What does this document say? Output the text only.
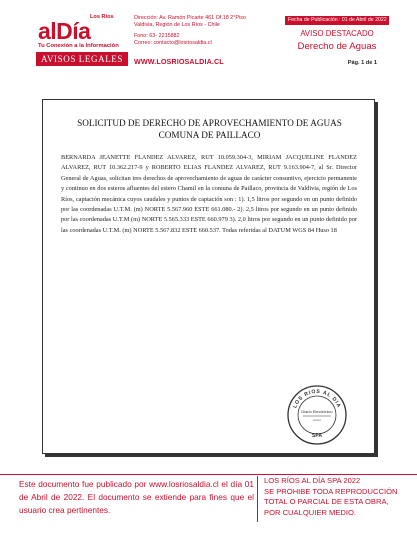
Los Ríos
alDía
Tu Conexión a la Información
AVISOS LEGALES
Dirección: Av. Ramón Picarte 461 Of.18 2°Piso
Valdivia, Región de Los Ríos - Chile
Fono: 63- 2215882
Correo: contacto@losriosaldia.cl
WWW.LOSRIOSALDIA.CL
Fecha de Publicación : 01 de Abril de 2022
AVISO DESTACADO
Derecho de Aguas
Pág. 1 de 1
SOLICITUD DE DERECHO DE APROVECHAMIENTO DE AGUAS
COMUNA DE PAILLACO

BERNARDA JEANETTE FLANDEZ ALVAREZ, RUT 10.059.304-3, MIRIAM JACQUELINE FLANDEZ ALVAREZ, RUT 10.362.217-9 y ROBERTO ELIAS FLANDEZ ALVAREZ, RUT 9.163.904-7, al Sr. Director General de Aguas, solicitan tres derechos de aprovechamiento de aguas de carácter consuntivo, ejercicio permanente y continuo en dos esteros afluentes del estero Chamil en la comuna de Paillaco, provincia de Valdivia, región de Los Ríos, captación mecánica cuyos caudales y puntos de captación son : 1). 1,5 litros por segundo en un punto definido por las coordenadas U.T.M. (m) NORTE 5.567.960 ESTE 661.080.- 2). 2,5 litros por segundo en un punto definido por las coordenadas U.T.M (m) NORTE 5.565.333 ESTE 660.979 3). 2,0 litros por segundo en un punto definido por las coordenadas U.T.M. (m) NORTE 5.567.832 ESTE 660.537. Todas referidas al DATUM WGS 84 Huso 18

LOS RIOS AL DIA
Diario Electrónico
▪▪▪▪▪▪▪▪
SPA
Este documento fue publicado por www.losriosaldia.cl el día 01 de Abril de 2022. El documento se extiende para fines que el usuario crea pertinentes.
LOS RÍOS AL DÍA SPA 2022
SE PROHIBE TODA REPRODUCCIÓN
TOTAL O PARCIAL DE ESTA OBRA,
POR CUALQUIER MEDIO.
